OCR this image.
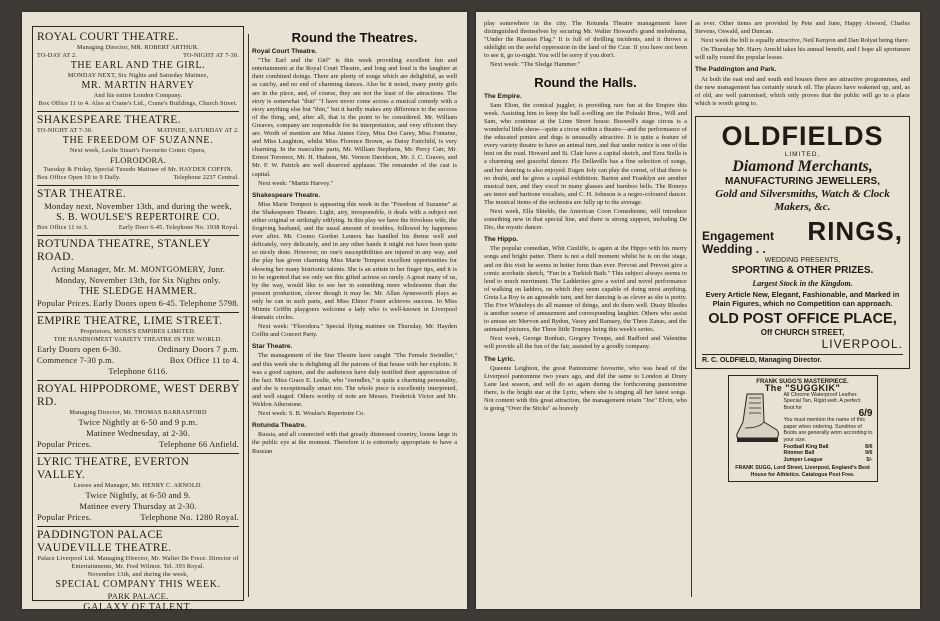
ROYAL COURT THEATRE.
Managing Director, MR. ROBERT ARTHUR.
TO-DAY AT 2.	TO-NIGHT AT 7-30.
THE EARL AND THE GIRL.
MONDAY NEXT, Six Nights and Saturday Matinee,
MR. MARTIN HARVEY
And his entire London Company.
Box Office 11 to 4. Also at Crane's Ltd., Crane's Buildings, Church Street.
SHAKESPEARE THEATRE.
TO-NIGHT AT 7-30.	MATINEE, SATURDAY AT 2.
THE FREEDOM OF SUZANNE.
Next week, Leslie Stuart's Favourite Comic Opera,
FLORODORA.
Tuesday & Friday, Special Tuxedo Matinee of Mr. HAYDEN COFFIN.
Box Office Open 10 to 9 Daily.	Telephone 2237 Central.
STAR THEATRE.
Monday next, November 13th, and during the week,
S. B. WOULSE'S REPERTOIRE CO.
Box Office 11 to 3.	Early Door 6-45. Telephone No. 1938 Royal.
ROTUNDA THEATRE, STANLEY ROAD.
Acting Manager, Mr. M. MONTGOMERY, Junr.
Monday, November 13th, for Six Nights only.
THE SLEDGE HAMMER.
Popular Prices. Early Doors open 6-45. Telephone 5798.
EMPIRE THEATRE, LIME STREET.
Proprietors, MOSS'S EMPIRES LIMITED.
THE HANDSOMEST VARIETY THEATRE IN THE WORLD.
Early Doors open 6-30.	Ordinary Doors 7 p.m.
Commence 7-30 p.m.	Box Office 11 to 4.
Telephone 6116.
ROYAL HIPPODROME, WEST DERBY RD.
Managing Director, Mr. THOMAS BARRASFORD
Twice Nightly at 6-50 and 9 p.m.
Matinee Wednesday, at 2-30.
Popular Prices.	Telephone 66 Anfield.
LYRIC THEATRE, EVERTON VALLEY.
Lessee and Manager, Mr. HENRY C. ARNOLD.
Twice Nightly, at 6-50 and 9.
Matinee every Thursday at 2-30.
Popular Prices.	Telephone No. 1280 Royal.
PADDINGTON PALACE VAUDEVILLE THEATRE.
Palace Liverpool Ltd. Managing Director, Mr. Walter De Frece. Director of Entertainments, Mr. Fred Wilmot. Tel. 393 Royal.
November 13th, and during the week,
SPECIAL COMPANY THIS WEEK.
PARK PALACE.
GALAXY OF TALENT.
Round the Theatres.
Royal Court Theatre.

"The Earl and the Girl" is this week providing excellent fun and entertainment at the Royal Court Theatre, and long and loud is the laughter at their combined doings. There are plenty of songs which are delightful, as well as catchy, and no end of charming dances. Also be it noted, many pretty girls are in the piece, and, of course, they are not the least of the attractions. The story is somewhat "thin" "I have never come across a musical comedy with a story anything else but "thin," but it hardly makes any difference to the success of the thing, and, after all, that is the point to be considered. Mr. William Greaves, company are responsible for its interpretation, and very efficient they are. Worth of mention are Miss Aimee Grey, Miss Dot Carey, Miss Fontaine, and Miss Laughton, whilst Miss Florence Brown, as Daisy Fairchild, is very charming. In the masculine parts, Mr. William Stephens, Mr. Percy Carr, Mr. Ernest Torrence, Mr. H. Hudson, Mr. Vernon Davidson, Mr. J. C. Graves, and Mr. F. W. Patrick are well deserved applause. The remainder of the cast is capital.

Next week: "Martin Harvey."

Shakespeare Theatre.

Miss Marie Tempest is appearing this week in the "Freedom of Suzanne" at the Shakespeare Theatre. Light, airy, irresponsible, it deals with a subject not either original or strikingly edifying. In this play we have the frivolous wife, the forgiving husband, and the usual amount of troubles, followed by happiness ever after. Mr. Cosmo Gordon Lennox has handled his theme well and delicately, very delicately, and in any other hands it might not have been quite so nicely done. However, no one's susceptibilities are injured in any way, and the play has given charming Miss Marie Tempest excellent opportunities for showing her many histrionic talents. She is an artiste to her finger tips, and it is to be regretted that we only see this gifted actress so rarely. A great many of us, by the way, would like to see her in something more wholesome than the present production, clever though it may be. Mr. Allan Aynesworth plays as only he can in such parts, and Miss Elinor Foster achieves success. In Miss Minnie Griffin playgoers welcome a lady who is well-known in Liverpool dramatic circles.

Next week: "Florodora." Special flying matinee on Thursday, Mr. Hayden Coffin and Concert Party.

Star Theatre.

The management of the Star Theatre have caught "The Female Swindler," and this week she is delighting all the patrons of that house with her exploits. It was a good capture, and the audiences have duly testified their appreciation of the fact. Miss Grace E. Leslie, who "swindles," is quite a charming personality, and she is exceptionally smart too. The whole piece is excellently interpreted, and well staged. Others worthy of note are Messrs. Frederick Victor and Mr. Weldon Atherstone.

Next week: S. B. Woulse's Repertoire Co.

Rotunda Theatre.

Russia, and all connected with that greatly distressed country, looms large in the public eye at the moment. Therefore it is extremely appropriate to have a Russian

play somewhere in the city. The Rotunda Theatre management have distinguished themselves by securing Mr. Walter Howard's grand melodrama, "Under the Russian Flag." It is full of thrilling incidents, and it throws a sidelight on the awful oppression in the land of the Czar. If you have not been to see it, go to-night. You will be sorry if you don't.

Next week: "The Sledge Hammer."

Round the Halls.
The Empire.

Sam Elton, the comical juggler, is providing rare fun at the Empire this week. Assisting him to keep the ball a-rolling are the Poluski Bros., Will and Sam, who continue at the Lime Street house. Boswell's stage circus is a wonderful little show—quite a circus within a theatre—and the performance of the educated ponies and dogs is unusually attractive. It is quite a feature of every variety theatre to have an animal turn, and that under notice is one of the best on the road. Howard and St. Clair have a capital sketch, and Ezra Stella is a charming and graceful dancer. Flo Dellaville has a fine selection of songs, and her dancing is also enjoyed. Eugen Joly can play the cornet, of that there is no doubt, and he gives a capital exhibition. Barton and Franklyn are another musical turn, and they excel in many glasses and bamboo bells. The Roneys are tenor and baritone vocalists, and C. H. Johnson is a negro-coloured dancer. The musical items of the orchestra are fully up to the average.

Next week, Ella Shields, the American Coon Comedienne, will introduce something new in that special line, and there is strong support, including De Dio, the mystic dancer.

The Hippo.

The popular comedian, Whit Cunliffe, is again at the Hippo with his merry songs and bright patter. There is not a dull moment whilst he is on the stage, and on this visit he seems in better form than ever. Prevost and Prevost give a comic acrobatic sketch, "Fun in a Turkish Bath." This subject always seems to lend to much merriment. The Ladderites give a weird and novel performance of walking on ladders, on which they seem capable of doing most anything. Greta La Roy is an agreeable turn, and her dancing is as clever as she is pretty. The Five Whiteleys do all manner of things, and do them well. Dusty Rhodes is another source of amusement and corresponding laughter. Others who assist to amuse are Mervon and Rydon, Vasey and Ramsey, the Three Zanas, and the animated pictures, the Three little Trumps being this week's series.

Next week, George Bonhair, Gregory Troupe, and Radford and Valentine will provide all the fun of the fair, assisted by a goodly company.

The Lyric.

Queenie Leighton, the great Pantomime favourite, who was head of the Liverpool pantomime two years ago, and did the same to London at Drury Lane last season, and will do so again during the forthcoming pantomime there, is the bright star at the Lyric, where she is singing all her latest songs. Not content with this great attraction, the management retain "Joe" Elvin, who is going "Over the Sticks" as bravely

as ever. Other items are provided by Pete and June, Happy Atwood, Charles Stevens, Oswald, and Duncan.

Next week the bill is equally attractive, Neil Kenyon and Dan Rolyat being there.

On Thursday Mr. Harry Arnold takes his annual benefit, and I hope all sportsmen will rally round the popular lessee.

The Paddington and Park.

At both the east end and south end houses there are attractive programmes, and the new management has certainly struck oil. The places have wakened up, and, as of old, are well patronised, which only proves that the public will go to a place which is worth going to.

OLDFIELDS
LIMITED,
Diamond Merchants,
MANUFACTURING JEWELLERS,
Gold and Silversmiths, Watch & Clock Makers, &c.
Engagement Wedding . .
RINGS,
WEDDING PRESENTS,
SPORTING & OTHER PRIZES.
Largest Stock in the Kingdom.
Every Article New, Elegant, Fashionable, and Marked in Plain Figures, which no Competition can approach.
OLD POST OFFICE PLACE,
Off CHURCH STREET,
LIVERPOOL.
R. C. OLDFIELD, Managing Director.
FRANK SUGG'S MASTERPIECE.
The "SUGGKIK"
All Chrome Waterproof Leather. Special Tan, Rigid welt. A perfect Boot for
6/9
You must mention the name of this paper when ordering. Sundries of Boots are generally worn according to your size.
Football King Ball	8/6
Rimmer Ball	9/6
Jumper League	5/-
FRANK SUGG, Lord Street, Liverpool, England's Best House for Athletics. Catalogue Post Free.
